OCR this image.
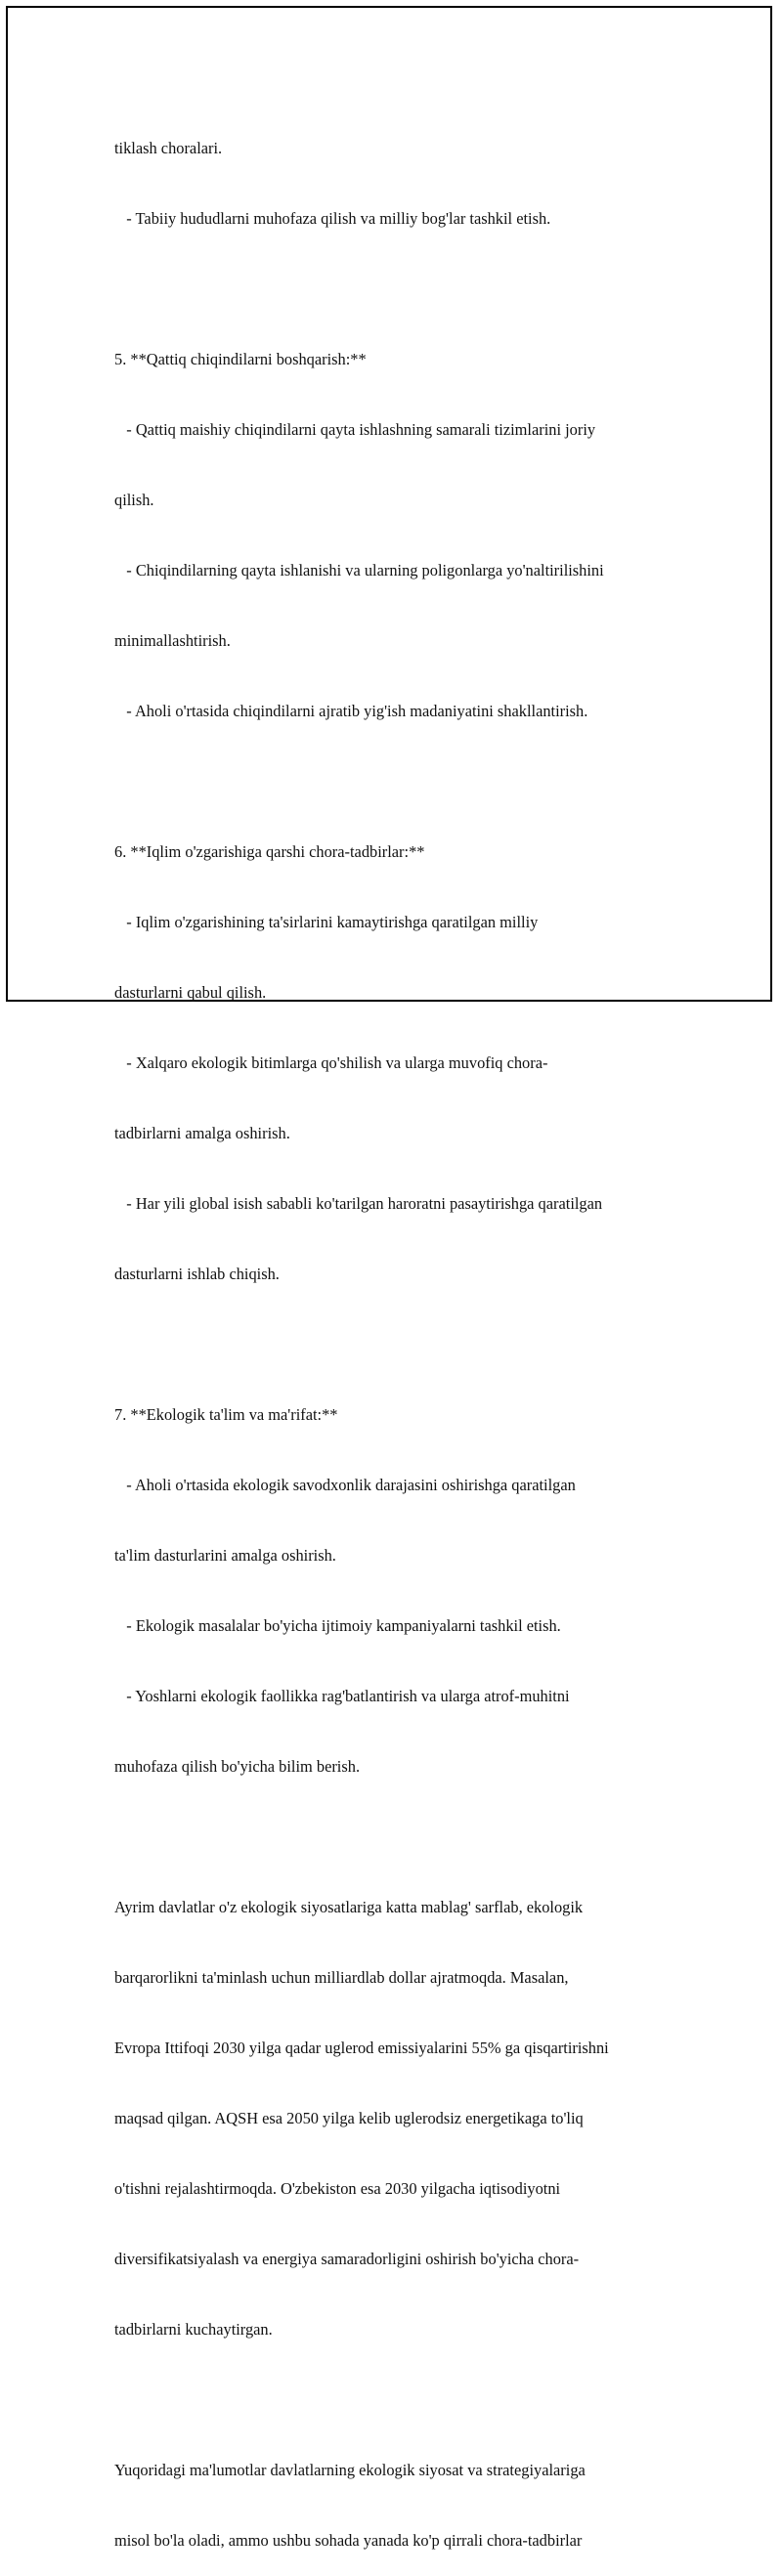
tiklash choralari.

- Tabiiy hududlarni muhofaza qilish va milliy bog'lar tashkil etish.

5. **Qattiq chiqindilarni boshqarish:**

- Qattiq maishiy chiqindilarni qayta ishlashning samarali tizimlarini joriy

qilish.

- Chiqindilarning qayta ishlanishi va ularning poligonlarga yo'naltirilishini

minimallashtirish.

- Aholi o'rtasida chiqindilarni ajratib yig'ish madaniyatini shakllantirish.

6. **Iqlim o'zgarishiga qarshi chora-tadbirlar:**

- Iqlim o'zgarishining ta'sirlarini kamaytirishga qaratilgan milliy

dasturlarni qabul qilish.

- Xalqaro ekologik bitimlarga qo'shilish va ularga muvofiq chora-

tadbirlarni amalga oshirish.

- Har yili global isish sababli ko'tarilgan haroratni pasaytirishga qaratilgan

dasturlarni ishlab chiqish.

7. **Ekologik ta'lim va ma'rifat:**

- Aholi o'rtasida ekologik savodxonlik darajasini oshirishga qaratilgan

ta'lim dasturlarini amalga oshirish.

- Ekologik masalalar bo'yicha ijtimoiy kampaniyalarni tashkil etish.

- Yoshlarni ekologik faollikka rag'batlantirish va ularga atrof-muhitni

muhofaza qilish bo'yicha bilim berish.

Ayrim davlatlar o'z ekologik siyosatlariga katta mablag' sarflab, ekologik

barqarorlikni ta'minlash uchun milliardlab dollar ajratmoqda. Masalan,

Evropa Ittifoqi 2030 yilga qadar uglerod emissiyalarini 55% ga qisqartirishni

maqsad qilgan. AQSH esa 2050 yilga kelib uglerodsiz energetikaga to'liq

o'tishni rejalashtirmoqda. O'zbekiston esa 2030 yilgacha iqtisodiyotni

diversifikatsiyalash va energiya samaradorligini oshirish bo'yicha chora-

tadbirlarni kuchaytirgan.

Yuqoridagi ma'lumotlar davlatlarning ekologik siyosat va strategiyalariga

misol bo'la oladi, ammo ushbu sohada yanada ko'p qirrali chora-tadbirlar
